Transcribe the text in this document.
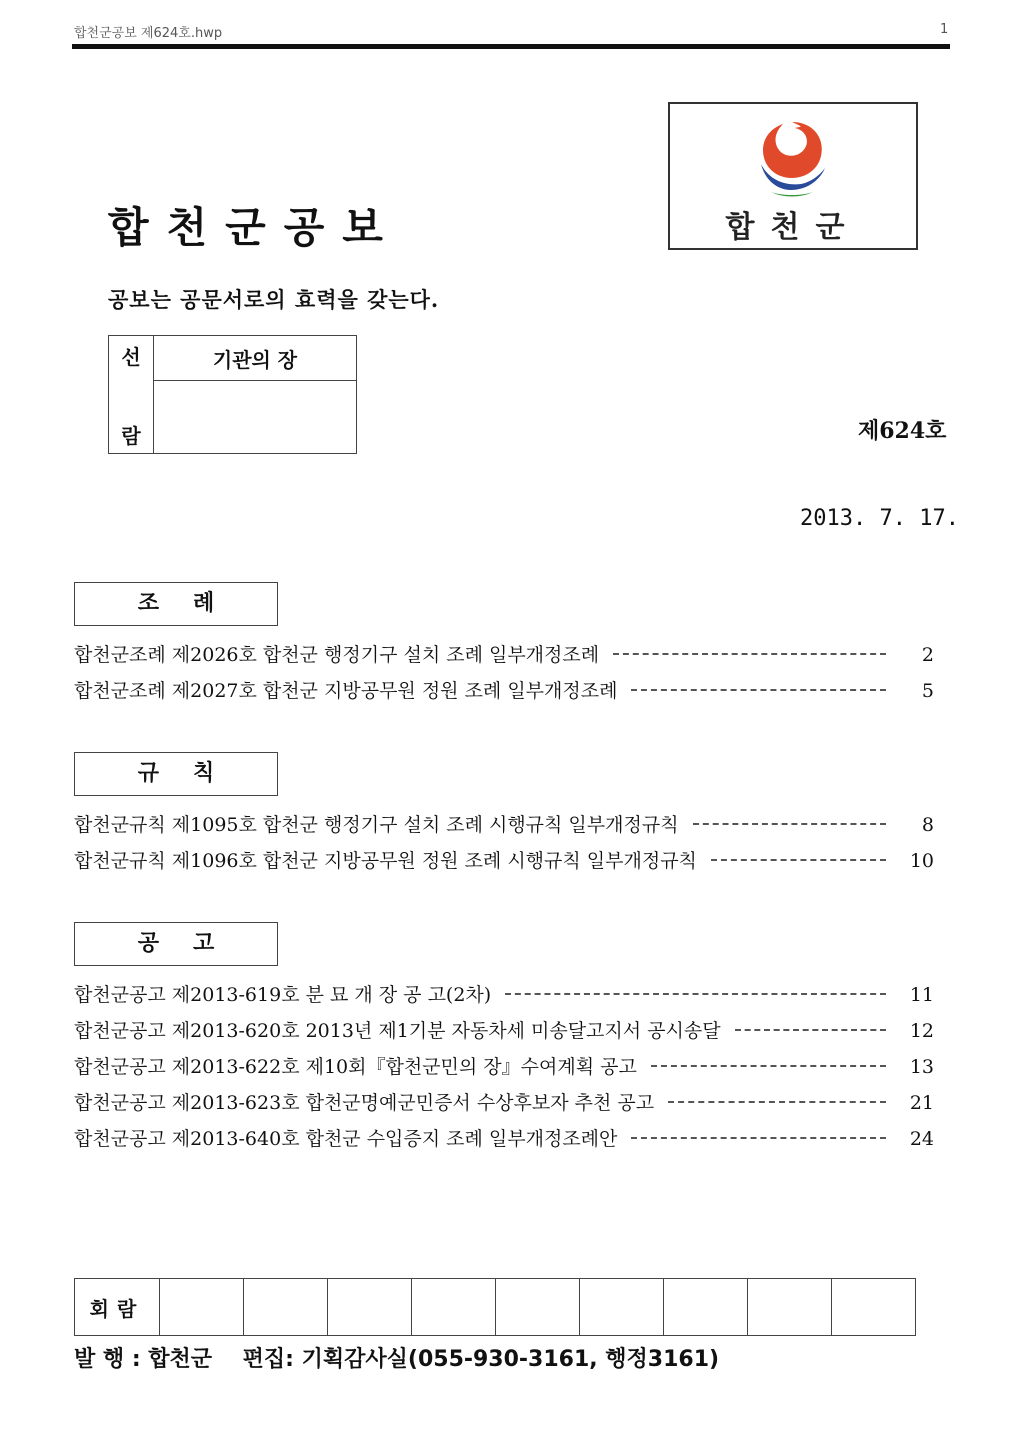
합천군공보 제624호.hwp	1
합천군공보
공보는 공문서로의 효력을 갖는다.
합천군
선
람
	기관의 장

제624호
2013. 7. 17.
조례
합천군조례 제2026호 합천군 행정기구 설치 조례 일부개정조례	2
합천군조례 제2027호 합천군 지방공무원 정원 조례 일부개정조례	5
규칙
합천군규칙 제1095호 합천군 행정기구 설치 조례 시행규칙 일부개정규칙	8
합천군규칙 제1096호 합천군 지방공무원 정원 조례 시행규칙 일부개정규칙	10
공고
합천군공고 제2013-619호 분 묘 개 장 공 고(2차)	11
합천군공고 제2013-620호 2013년 제1기분 자동차세 미송달고지서 공시송달	12
합천군공고 제2013-622호 제10회『합천군민의 장』수여계획 공고	13
합천군공고 제2013-623호 합천군명예군민증서 수상후보자 추천 공고	21
합천군공고 제2013-640호 합천군 수입증지 조례 일부개정조례안	24
회람									
발 행 : 합천군    편집: 기획감사실(055-930-3161, 행정3161)
